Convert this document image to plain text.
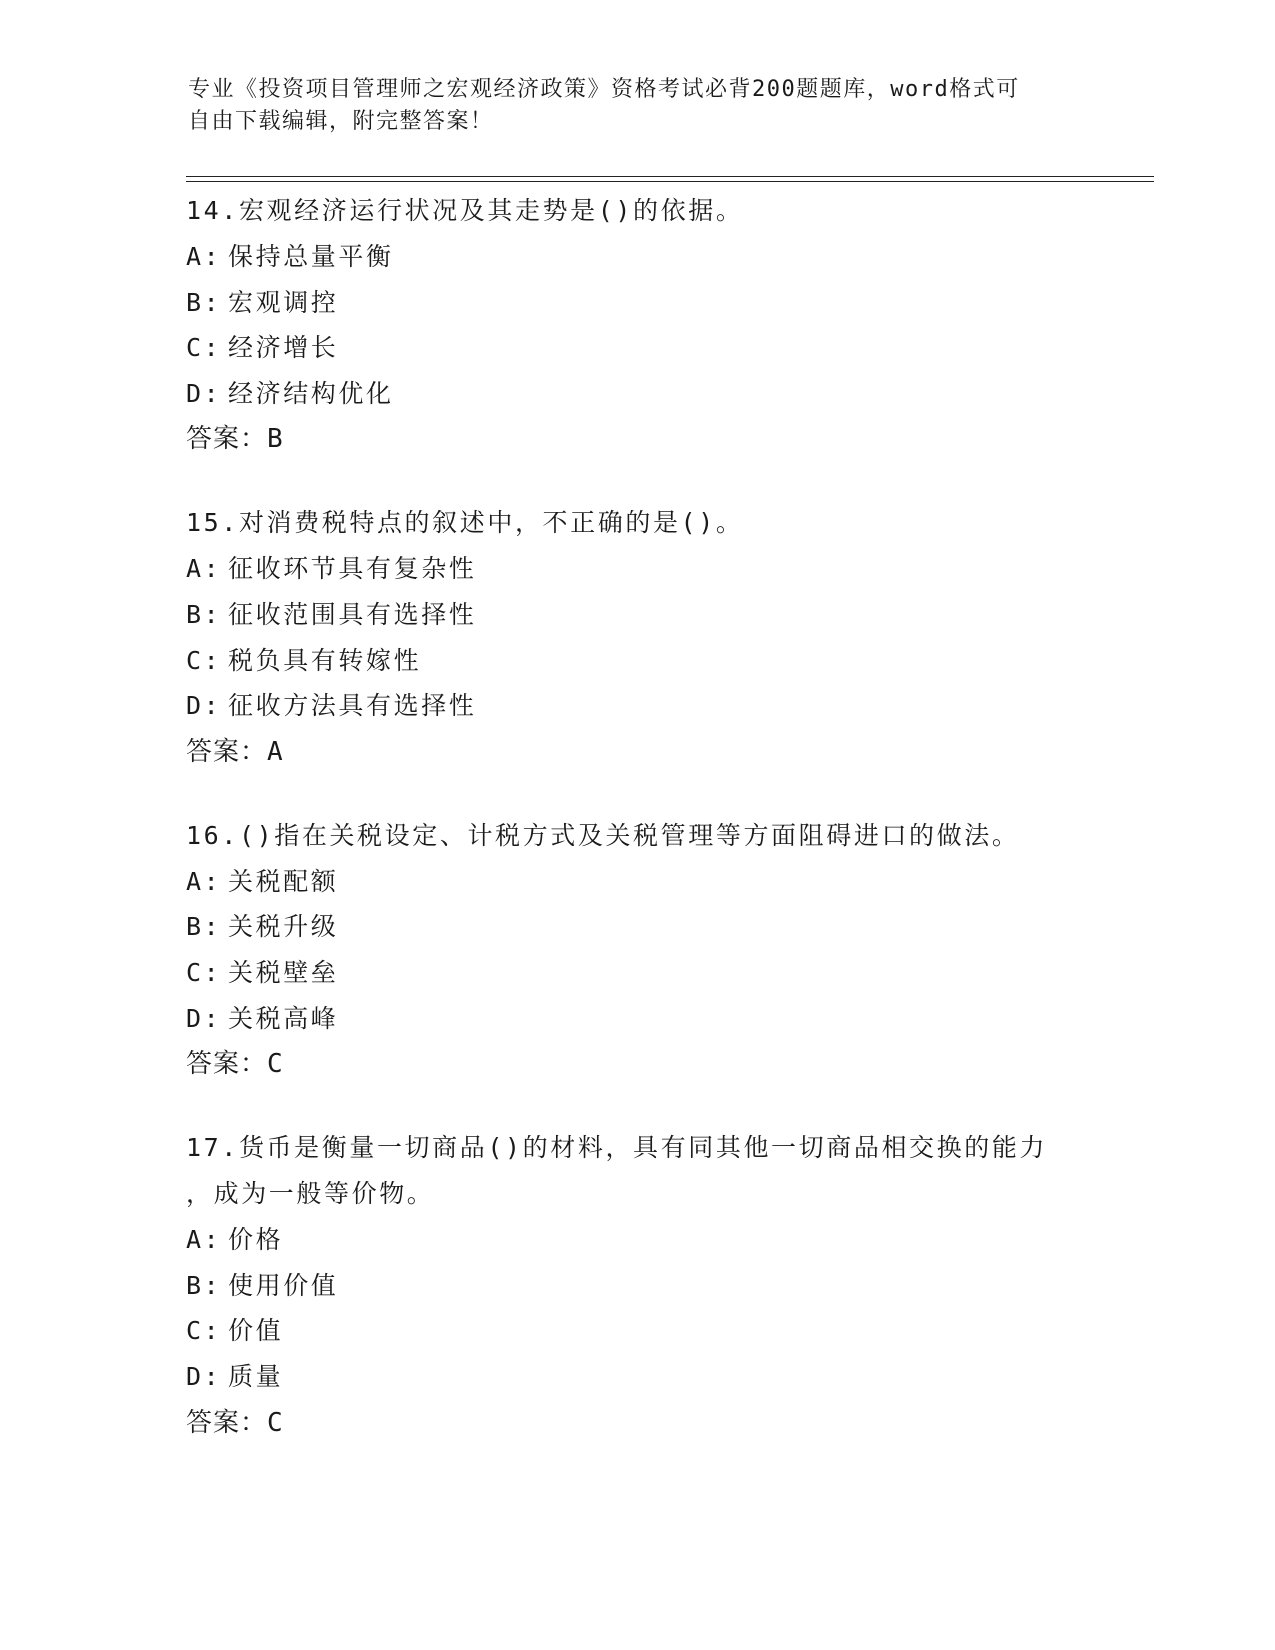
专业《投资项目管理师之宏观经济政策》资格考试必背200题题库，word格式可
自由下载编辑，附完整答案！
14.宏观经济运行状况及其走势是()的依据。
A: 保持总量平衡
B: 宏观调控
C: 经济增长
D: 经济结构优化
答案：B
15.对消费税特点的叙述中，不正确的是()。
A: 征收环节具有复杂性
B: 征收范围具有选择性
C: 税负具有转嫁性
D: 征收方法具有选择性
答案：A
16.()指在关税设定、计税方式及关税管理等方面阻碍进口的做法。
A: 关税配额
B: 关税升级
C: 关税壁垒
D: 关税高峰
答案：C
17.货币是衡量一切商品()的材料，具有同其他一切商品相交换的能力
，成为一般等价物。
A: 价格
B: 使用价值
C: 价值
D: 质量
答案：C
